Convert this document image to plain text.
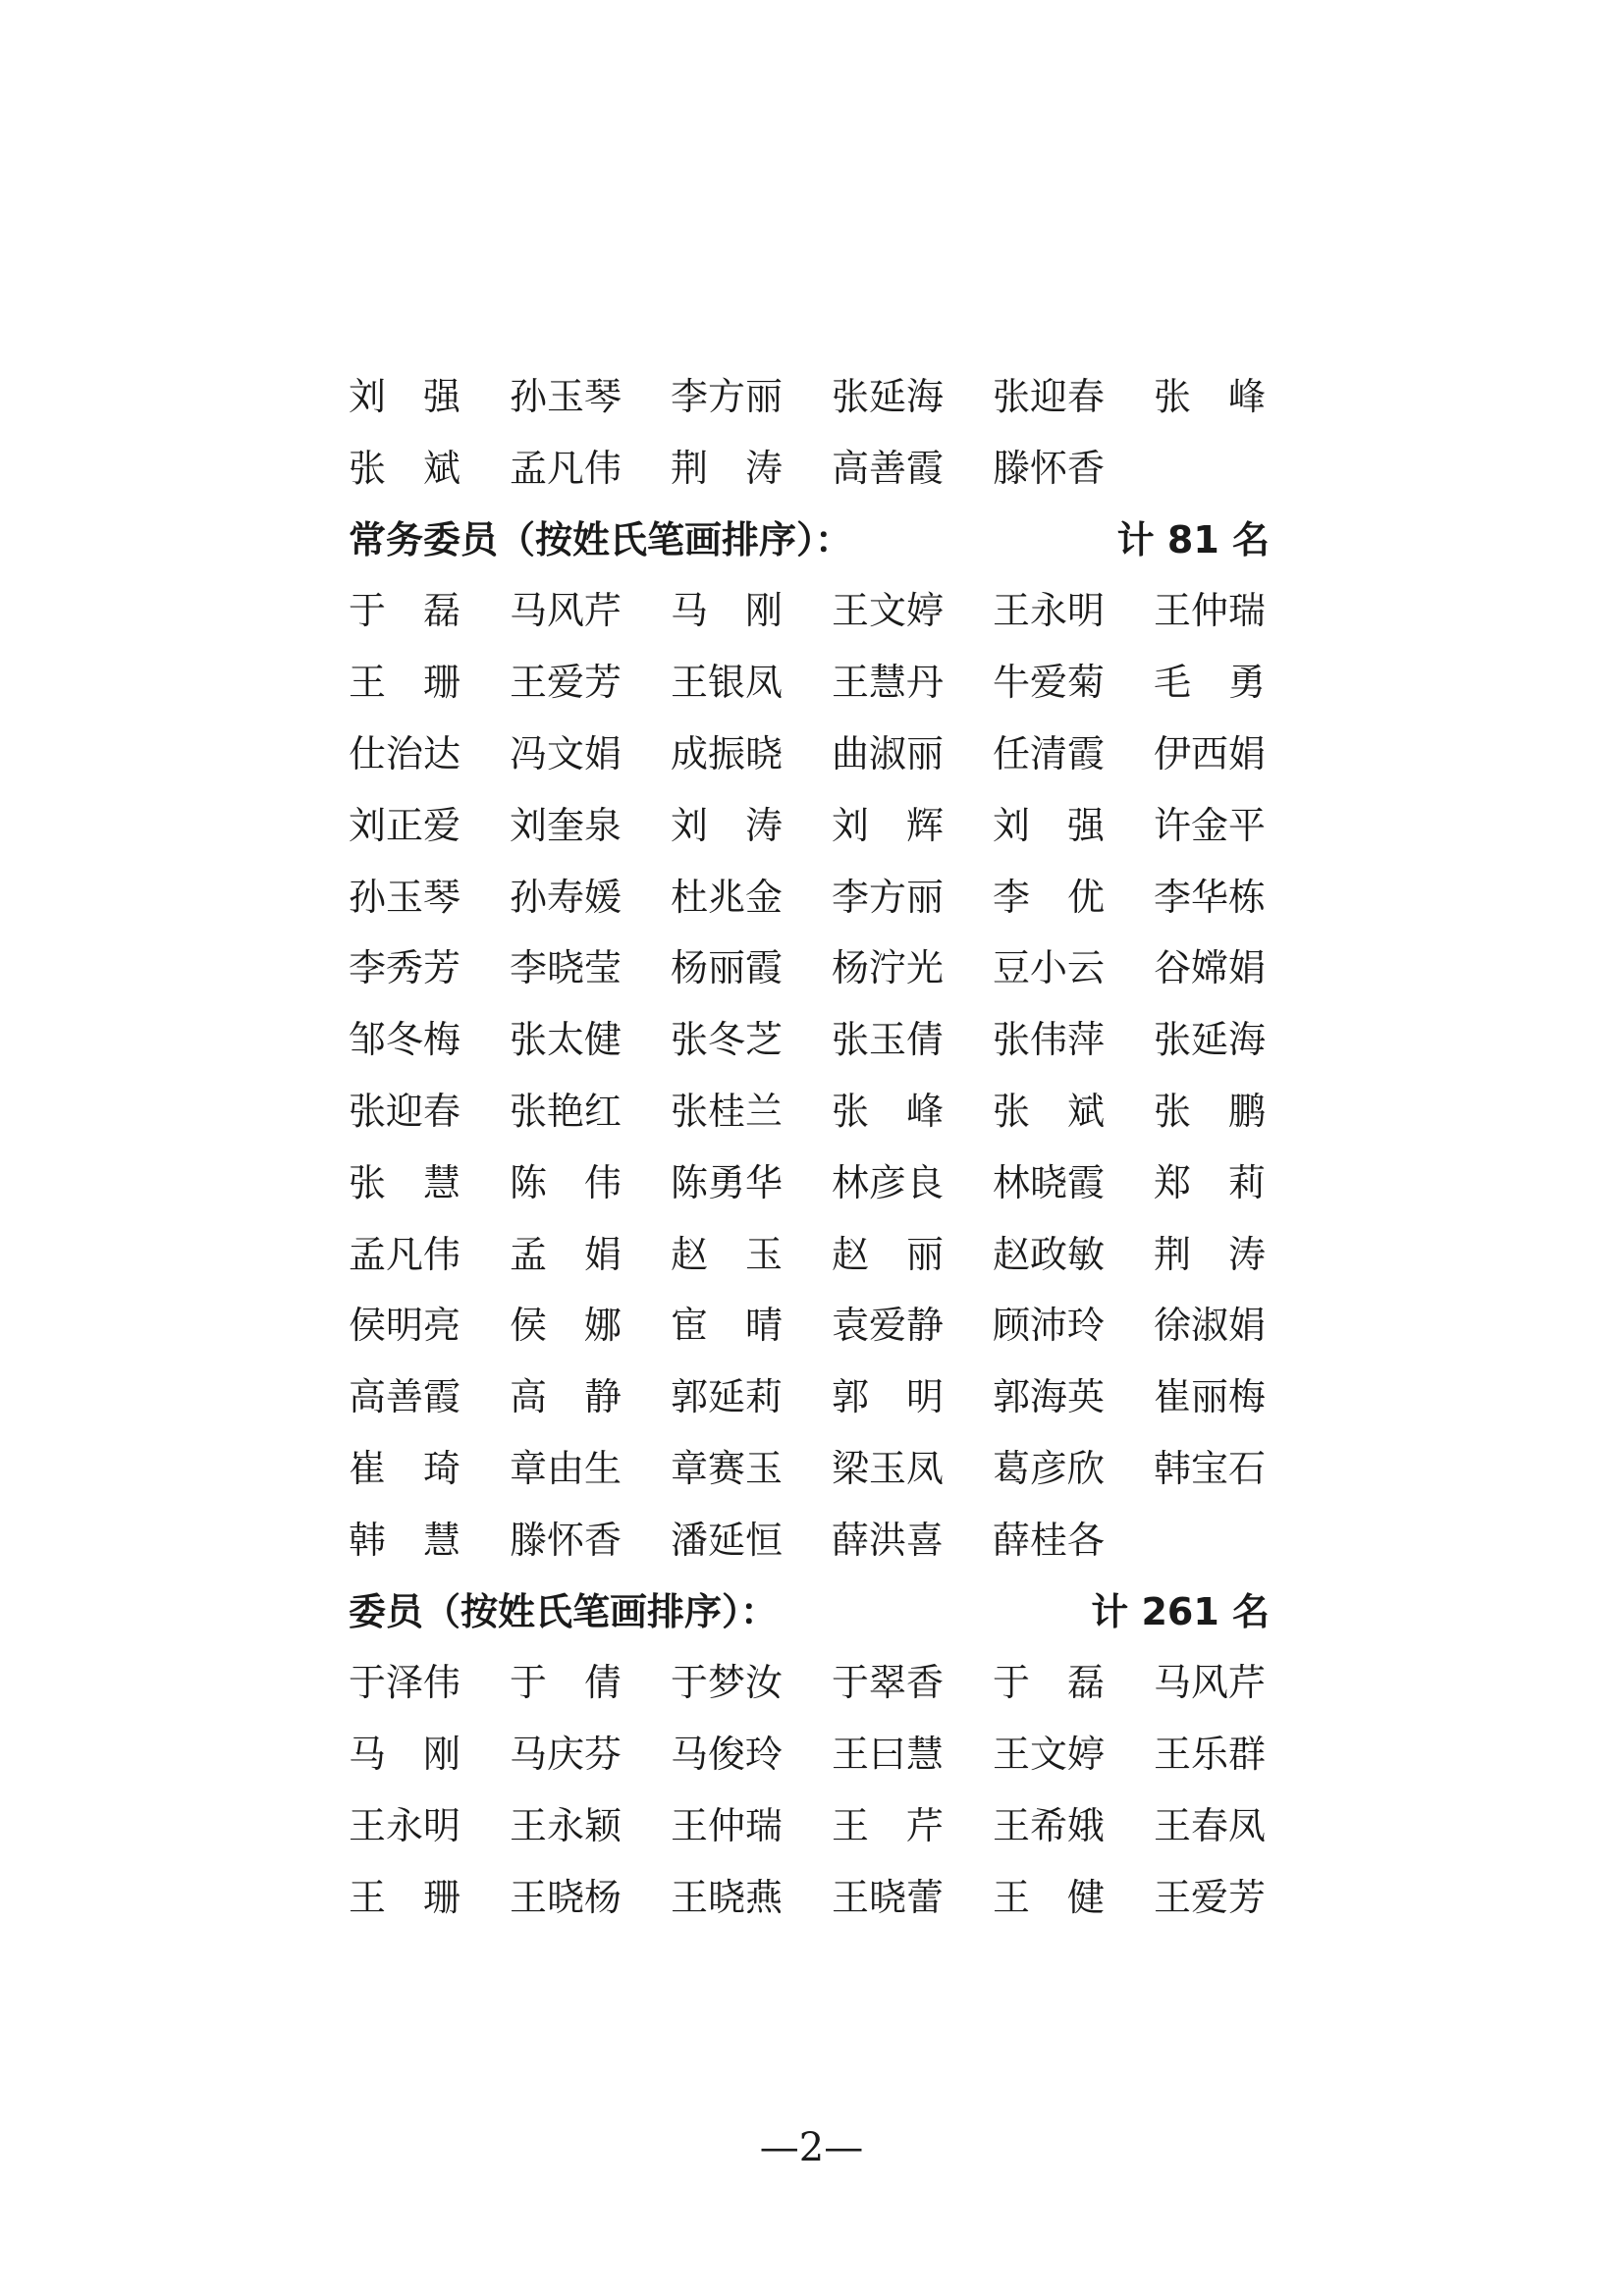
刘　强	孙玉琴	李方丽	张延海	张迎春	张　峰
张　斌	孟凡伟	荆　涛	高善霞	滕怀香
常务委员（按姓氏笔画排序）：	计 81 名
于　磊	马风芹	马　刚	王文婷	王永明	王仲瑞
王　珊	王爱芳	王银凤	王慧丹	牛爱菊	毛　勇
仕治达	冯文娟	成振晓	曲淑丽	任清霞	伊西娟
刘正爱	刘奎泉	刘　涛	刘　辉	刘　强	许金平
孙玉琴	孙寿媛	杜兆金	李方丽	李　优	李华栋
李秀芳	李晓莹	杨丽霞	杨泞光	豆小云	谷嫦娟
邹冬梅	张太健	张冬芝	张玉倩	张伟萍	张延海
张迎春	张艳红	张桂兰	张　峰	张　斌	张　鹏
张　慧	陈　伟	陈勇华	林彦良	林晓霞	郑　莉
孟凡伟	孟　娟	赵　玉	赵　丽	赵政敏	荆　涛
侯明亮	侯　娜	宦　晴	袁爱静	顾沛玲	徐淑娟
高善霞	高　静	郭延莉	郭　明	郭海英	崔丽梅
崔　琦	章由生	章赛玉	梁玉凤	葛彦欣	韩宝石
韩　慧	滕怀香	潘延恒	薛洪喜	薛桂各
委员（按姓氏笔画排序）：	计 261 名
于泽伟	于　倩	于梦汝	于翠香	于　磊	马风芹
马　刚	马庆芬	马俊玲	王曰慧	王文婷	王乐群
王永明	王永颖	王仲瑞	王　芹	王希娥	王春凤
王　珊	王晓杨	王晓燕	王晓蕾	王　健	王爱芳
—2—
